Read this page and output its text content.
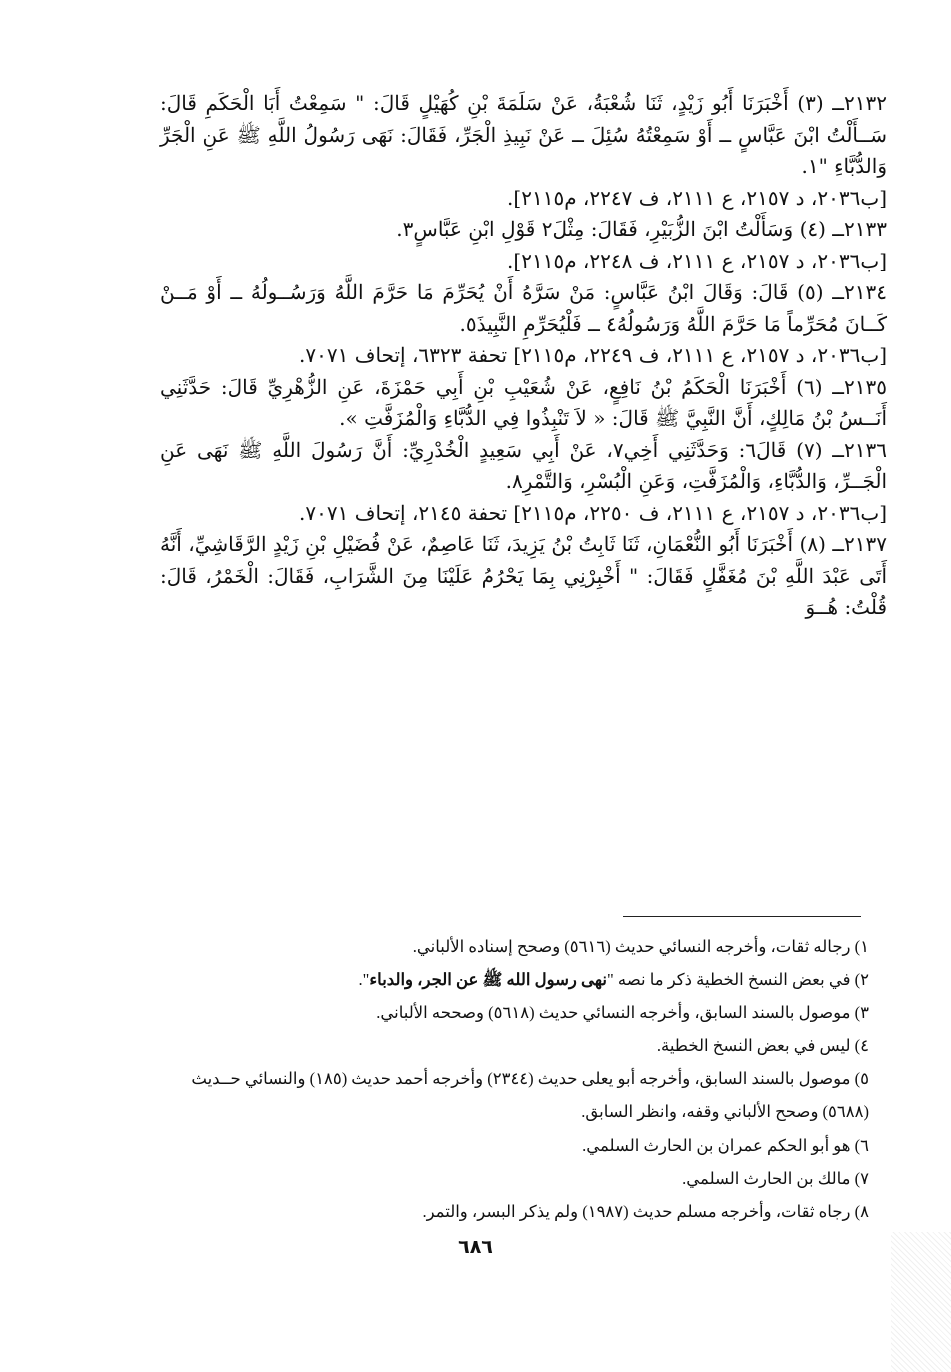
٢١٣٢ــ (٣) أَخْبَرَنَا أَبُو زَيْدٍ، ثَنَا شُعْبَةُ، عَنْ سَلَمَةَ بْنِ كُهَيْلٍ قَالَ: " سَمِعْتُ أَبَا الْحَكَمِ قَالَ: سَــأَلْتُ ابْنَ عَبَّاسٍ ــ أَوْ سَمِعْتُهُ سُئِلَ ــ عَنْ نَبِيذِ الْجَرِّ، فَقَالَ: نَهَى رَسُولُ اللَّهِ ﷺ عَنِ الْجَرِّ وَالدُّبَّاءِ "١.

[ب٢٠٣٦، د ٢١٥٧، ع ٢١١١، ف ٢٢٤٧، م٢١١٥].

٢١٣٣ــ (٤) وَسَأَلْتُ ابْنَ الزُّبَيْرِ، فَقَالَ: مِثْلَ٢ قَوْلِ ابْنِ عَبَّاسٍ٣.

[ب٢٠٣٦، د ٢١٥٧، ع ٢١١١، ف ٢٢٤٨، م٢١١٥].

٢١٣٤ــ (٥) قَالَ: وَقَالَ ابْنُ عَبَّاسٍ: مَنْ سَرَّهُ أَنْ يُحَرِّمَ مَا حَرَّمَ اللَّهُ وَرَسُــولُهُ ــ أَوْ مَــنْ كَــانَ مُحَرِّماً مَا حَرَّمَ اللَّهُ وَرَسُولُهُ٤ ــ فَلْيُحَرِّمِ النَّبِيذَ٥.

[ب٢٠٣٦، د ٢١٥٧، ع ٢١١١، ف ٢٢٤٩، م٢١١٥] تحفة ٦٣٢٣، إتحاف ٧٠٧١.

٢١٣٥ــ (٦) أَخْبَرَنَا الْحَكَمُ بْنُ نَافِعٍ، عَنْ شُعَيْبِ بْنِ أَبِي حَمْزَةَ، عَنِ الزُّهْرِيِّ قَالَ: حَدَّثَنِي أَنَــسُ بْنُ مَالِكٍ، أَنَّ النَّبِيَّ ﷺ قَالَ: « لاَ تَنْبِذُوا فِي الدُّبَّاءِ وَالْمُزَفَّتِ ».

٢١٣٦ــ (٧) قَالَ٦: وَحَدَّثَنِي أَخِي٧، عَنْ أَبِي سَعِيدٍ الْخُدْرِيِّ: أَنَّ رَسُولَ اللَّهِ ﷺ نَهَى عَنِ الْجَــرِّ، وَالدُّبَّاءِ، وَالْمُزَفَّتِ، وَعَنِ الْبُسْرِ، وَالتَّمْرِ٨.

[ب٢٠٣٦، د ٢١٥٧، ع ٢١١١، ف ٢٢٥٠، م٢١١٥] تحفة ٢١٤٥، إتحاف ٧٠٧١.

٢١٣٧ــ (٨) أَخْبَرَنَا أَبُو النُّعْمَانِ، ثَنَا ثَابِتُ بْنُ يَزِيدَ، ثَنَا عَاصِمٌ، عَنْ فُضَيْلِ بْنِ زَيْدٍ الرَّقَاشِيِّ، أَنَّهُ أَتَى عَبْدَ اللَّهِ بْنَ مُغَفَّلٍ فَقَالَ: " أَخْبِرْنِي بِمَا يَحْرُمُ عَلَيْنَا مِنَ الشَّرَابِ، فَقَالَ: الْخَمْرُ، قَالَ: قُلْتُ: هُــوَ

١) رجاله ثقات، وأخرجه النسائي حديث (٥٦١٦) وصحح إسناده الألباني.

٢) في بعض النسخ الخطية ذكر ما نصه "نهى رسول الله ﷺ عن الجر، والدباء".

٣) موصول بالسند السابق، وأخرجه النسائي حديث (٥٦١٨) وصححه الألباني.

٤) ليس في بعض النسخ الخطية.

٥) موصول بالسند السابق، وأخرجه أبو يعلى حديث (٢٣٤٤) وأخرجه أحمد حديث (١٨٥) والنسائي حــديث

(٥٦٨٨) وصحح الألباني وقفه، وانظر السابق.

٦) هو أبو الحكم عمران بن الحارث السلمي.

٧) مالك بن الحارث السلمي.

٨) رجاه ثقات، وأخرجه مسلم حديث (١٩٨٧) ولم يذكر البسر، والتمر.

٦٨٦
